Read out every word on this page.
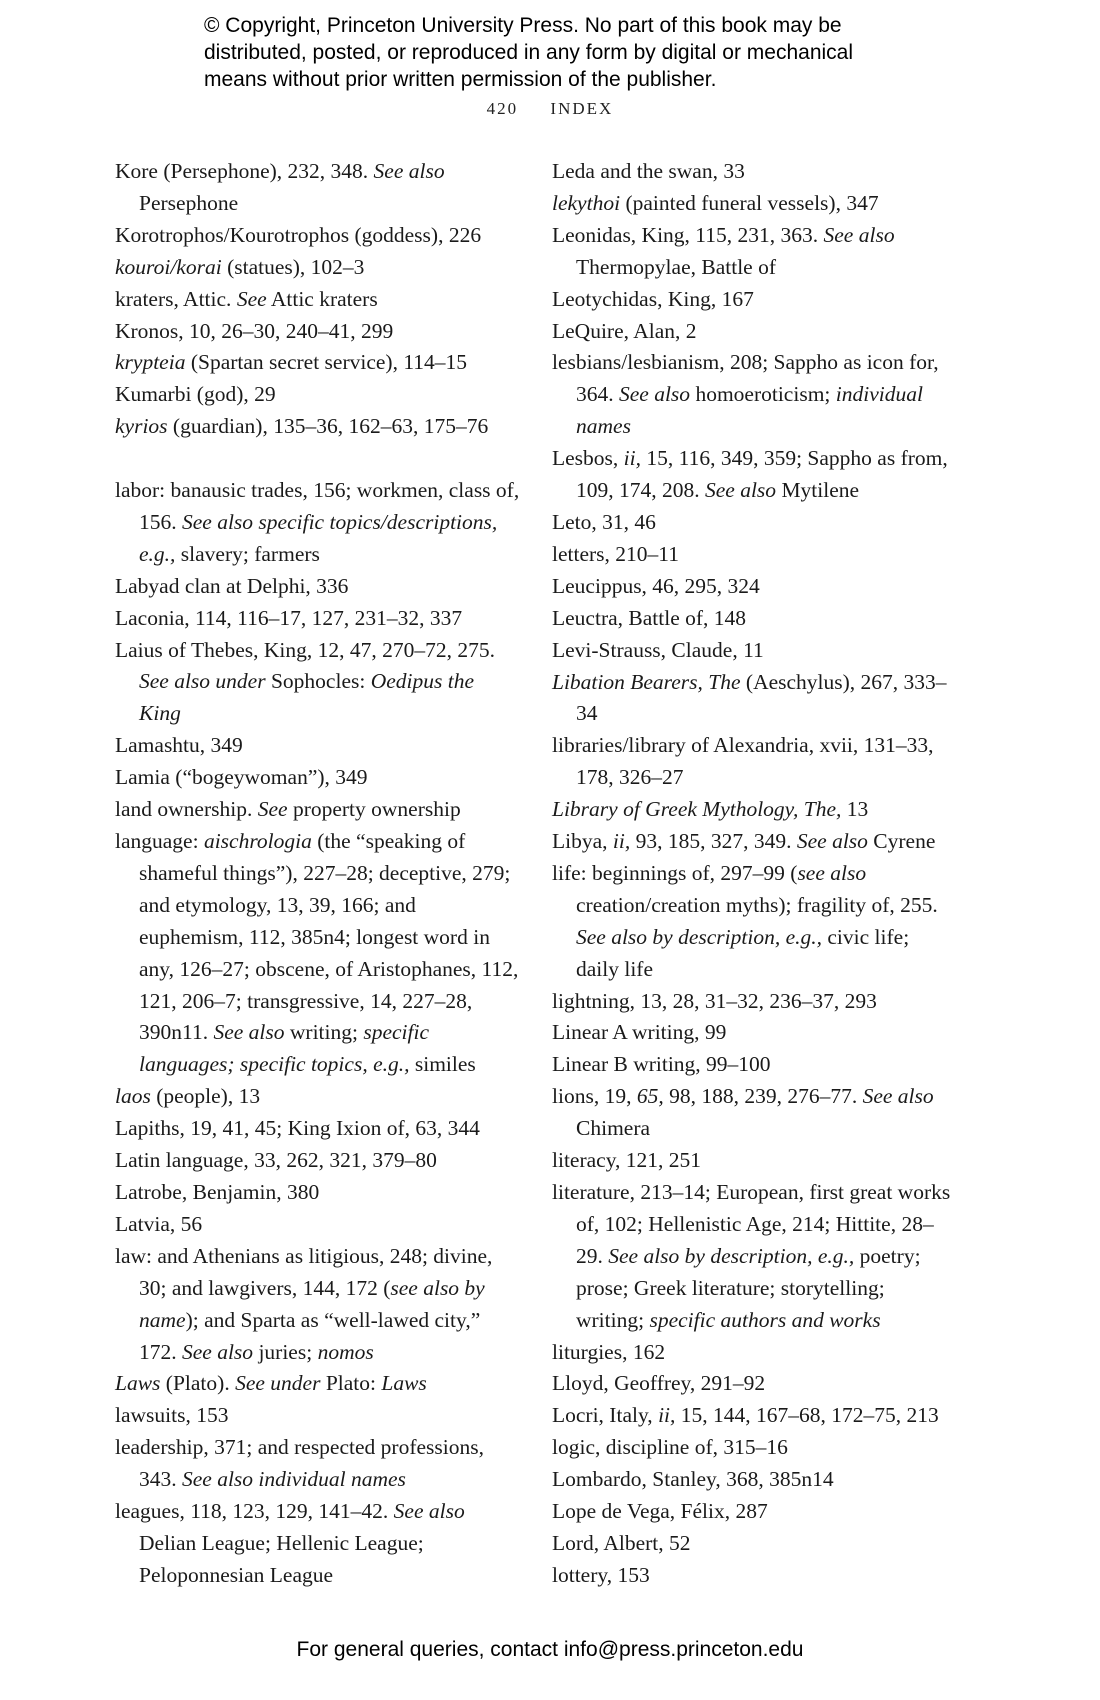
© Copyright, Princeton University Press. No part of this book may be
distributed, posted, or reproduced in any form by digital or mechanical
means without prior written permission of the publisher.
420 INDEX

Kore (Persephone), 232, 348. See also Persephone

Korotrophos/Kourotrophos (goddess), 226

kouroi/korai (statues), 102–3

kraters, Attic. See Attic kraters

Kronos, 10, 26–30, 240–41, 299

krypteia (Spartan secret service), 114–15

Kumarbi (god), 29

kyrios (guardian), 135–36, 162–63, 175–76

labor: banausic trades, 156; workmen, class of, 156. See also specific topics/descriptions, e.g., slavery; farmers

Labyad clan at Delphi, 336

Laconia, 114, 116–17, 127, 231–32, 337

Laius of Thebes, King, 12, 47, 270–72, 275. See also under Sophocles: Oedipus the King

Lamashtu, 349

Lamia (“bogeywoman”), 349

land ownership. See property ownership

language: aischrologia (the “speaking of shameful things”), 227–28; deceptive, 279; and etymology, 13, 39, 166; and euphemism, 112, 385n4; longest word in any, 126–27; obscene, of Aristophanes, 112, 121, 206–7; transgressive, 14, 227–28, 390n11. See also writing; specific languages; specific topics, e.g., similes

laos (people), 13

Lapiths, 19, 41, 45; King Ixion of, 63, 344

Latin language, 33, 262, 321, 379–80

Latrobe, Benjamin, 380

Latvia, 56

law: and Athenians as litigious, 248; divine, 30; and lawgivers, 144, 172 (see also by name); and Sparta as “well-lawed city,” 172. See also juries; nomos

Laws (Plato). See under Plato: Laws

lawsuits, 153

leadership, 371; and respected professions, 343. See also individual names

leagues, 118, 123, 129, 141–42. See also Delian League; Hellenic League; Peloponnesian League

Leda and the swan, 33

lekythoi (painted funeral vessels), 347

Leonidas, King, 115, 231, 363. See also Thermopylae, Battle of

Leotychidas, King, 167

LeQuire, Alan, 2

lesbians/lesbianism, 208; Sappho as icon for, 364. See also homoeroticism; individual names

Lesbos, ii, 15, 116, 349, 359; Sappho as from, 109, 174, 208. See also Mytilene

Leto, 31, 46

letters, 210–11

Leucippus, 46, 295, 324

Leuctra, Battle of, 148

Levi-Strauss, Claude, 11

Libation Bearers, The (Aeschylus), 267, 333–34

libraries/library of Alexandria, xvii, 131–33, 178, 326–27

Library of Greek Mythology, The, 13

Libya, ii, 93, 185, 327, 349. See also Cyrene

life: beginnings of, 297–99 (see also creation/creation myths); fragility of, 255. See also by description, e.g., civic life; daily life

lightning, 13, 28, 31–32, 236–37, 293

Linear A writing, 99

Linear B writing, 99–100

lions, 19, 65, 98, 188, 239, 276–77. See also Chimera

literacy, 121, 251

literature, 213–14; European, first great works of, 102; Hellenistic Age, 214; Hittite, 28–29. See also by description, e.g., poetry; prose; Greek literature; storytelling; writing; specific authors and works

liturgies, 162

Lloyd, Geoffrey, 291–92

Locri, Italy, ii, 15, 144, 167–68, 172–75, 213

logic, discipline of, 315–16

Lombardo, Stanley, 368, 385n14

Lope de Vega, Félix, 287

Lord, Albert, 52

lottery, 153

For general queries, contact info@press.princeton.edu
